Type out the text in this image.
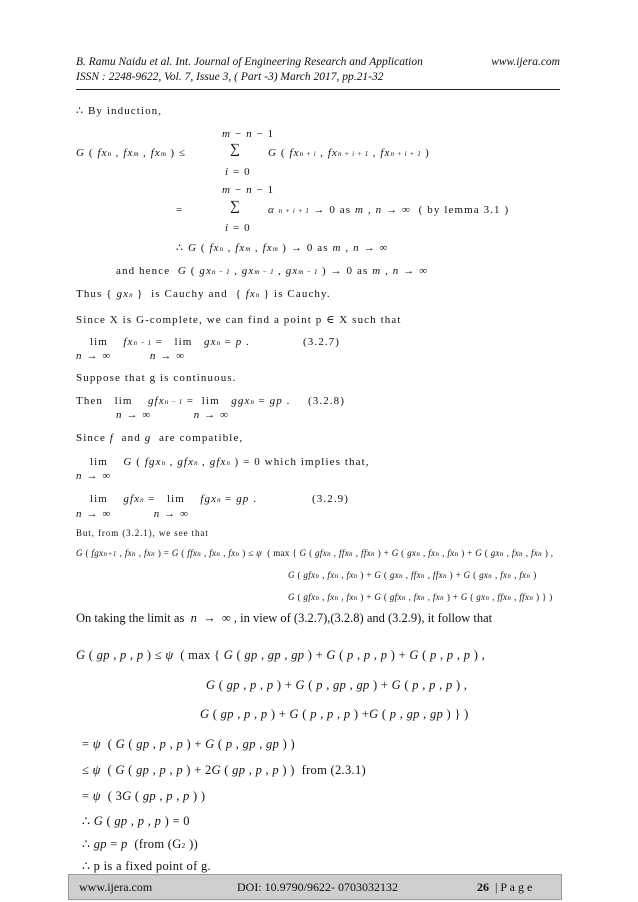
B. Ramu Naidu et al. Int. Journal of Engineering Research and Application	www.ijera.com
ISSN : 2248-9622, Vol. 7, Issue 3, ( Part -3) March 2017, pp.21-32
∴ By induction,
m − n − 1
G ( fxn , fxm , fxm ) ≤	∑ G ( fxn + i , fxn + i + 1 , fxn + i + 1 )
i = 0
m − n − 1
=	∑ α n + i + 1 → 0 as m , n → ∞  ( by lemma 3.1 )
i = 0
∴ G ( fxn , fxm , fxm ) → 0 as m , n → ∞
and hence G ( gxn − 1 , gxm − 1 , gxm − 1 ) → 0 as m , n → ∞
Thus { gxn }  is Cauchy and  { fxn } is Cauchy.
Since X is G-complete, we can find a point p ∈ X such that
lim    fxn − 1 =   lim   gxn = p .	(3.2.7)
n → ∞          n → ∞
Suppose that g is continuous.
Then   lim    gfxn − 1 =  lim   ggxn = gp . (3.2.8)
n → ∞           n → ∞
Since f  and g  are compatible,
lim    G ( fgxn , gfxn , gfxn ) = 0 which implies that,
n → ∞
lim    gfxn =   lim    fgxn = gp .	(3.2.9)
n → ∞           n → ∞
But, from (3.2.1), we see that
G ( fgxn+1 , fxn , fxn ) = G ( ffxn , fxn , fxn ) ≤ ψ  ( max { G ( gfxn , ffxn , ffxn ) + G ( gxn , fxn , fxn ) + G ( gxn , fxn , fxn ) ,
G ( gfxn , fxn , fxn ) + G ( gxn , ffxn , ffxn ) + G ( gxn , fxn , fxn )
G ( gfxn , fxn , fxn ) + G ( gfxn , fxn , fxn ) + G ( gxn , ffxn , ffxn ) } )
On taking the limit as n  →  ∞ , in view of (3.2.7),(3.2.8) and (3.2.9), it follow that
G ( gp , p , p ) ≤ ψ  ( max { G ( gp , gp , gp ) + G ( p , p , p ) + G ( p , p , p ) ,
G ( gp , p , p ) + G ( p , gp , gp ) + G ( p , p , p ) ,
G ( gp , p , p ) + G ( p , p , p ) +G ( p , gp , gp ) } )
= ψ  ( G ( gp , p , p ) + G ( p , gp , gp ) )
≤ ψ  ( G ( gp , p , p ) + 2G ( gp , p , p ) )  from (2.3.1)
= ψ  ( 3G ( gp , p , p ) )
∴ G ( gp , p , p ) = 0
∴ gp = p (from (G2 ))
∴ p is a fixed point of g.
www.ijera.com	DOI: 10.9790/9622- 0703032132	26 | P a g e
